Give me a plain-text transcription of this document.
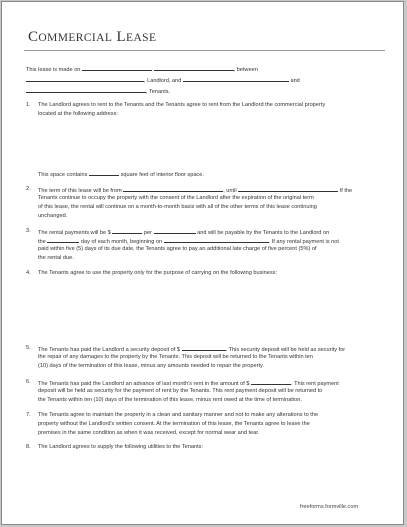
COMMERCIAL LEASE
This lease is made on	, between
, Landlord, and	and
, Tenants.
1. The Landlord agrees to rent to the Tenants and the Tenants agree to rent from the Landlord the commercial property
located at the following address:
This space contains	square feet of interior floor space.
2. The term of this lease will be from	, until	If the
Tenants continue to occupy the property with the consent of the Landlord after the expiration of the original term
of this lease, the rental will continue on a month-to-month basis with all of the other terms of this lease continuing
unchanged.
3. The rental payments will be $	per	and will be payable by the Tenants to the Landlord on
the	day of each month, beginning on	. If any rental payment is not
paid within five (5) days of its due date, the Tenants agree to pay an additional late charge of five percent (5%) of
the rental due.
4. The Tenants agree to use the property only for the purpose of carrying on the following business:
5. The Tenants has paid the Landlord a security deposit of $	. This security deposit will be held as security for
the repair of any damages to the property by the Tenants. This deposit will be returned to the Tenants within ten
(10) days of the termination of this lease, minus any amounts needed to repair the property.
6. The Tenants has paid the Landlord an advance of last month's rent in the amount of $	. This rent payment
deposit will be held as security for the payment of rent by the Tenants. This rent payment deposit will be returned to
the Tenants within ten (10) days of the termination of this lease, minus rent owed at the time of termination.
7. The Tenants agree to maintain the property in a clean and sanitary manner and not to make any alterations to the
property without the Landlord's written consent. At the termination of this lease, the Tenants agree to leave the
premises in the same condition as when it was received, except for normal wear and tear.
8. The Landlord agrees to supply the following utilities to the Tenants:
freeforms.formville.com
